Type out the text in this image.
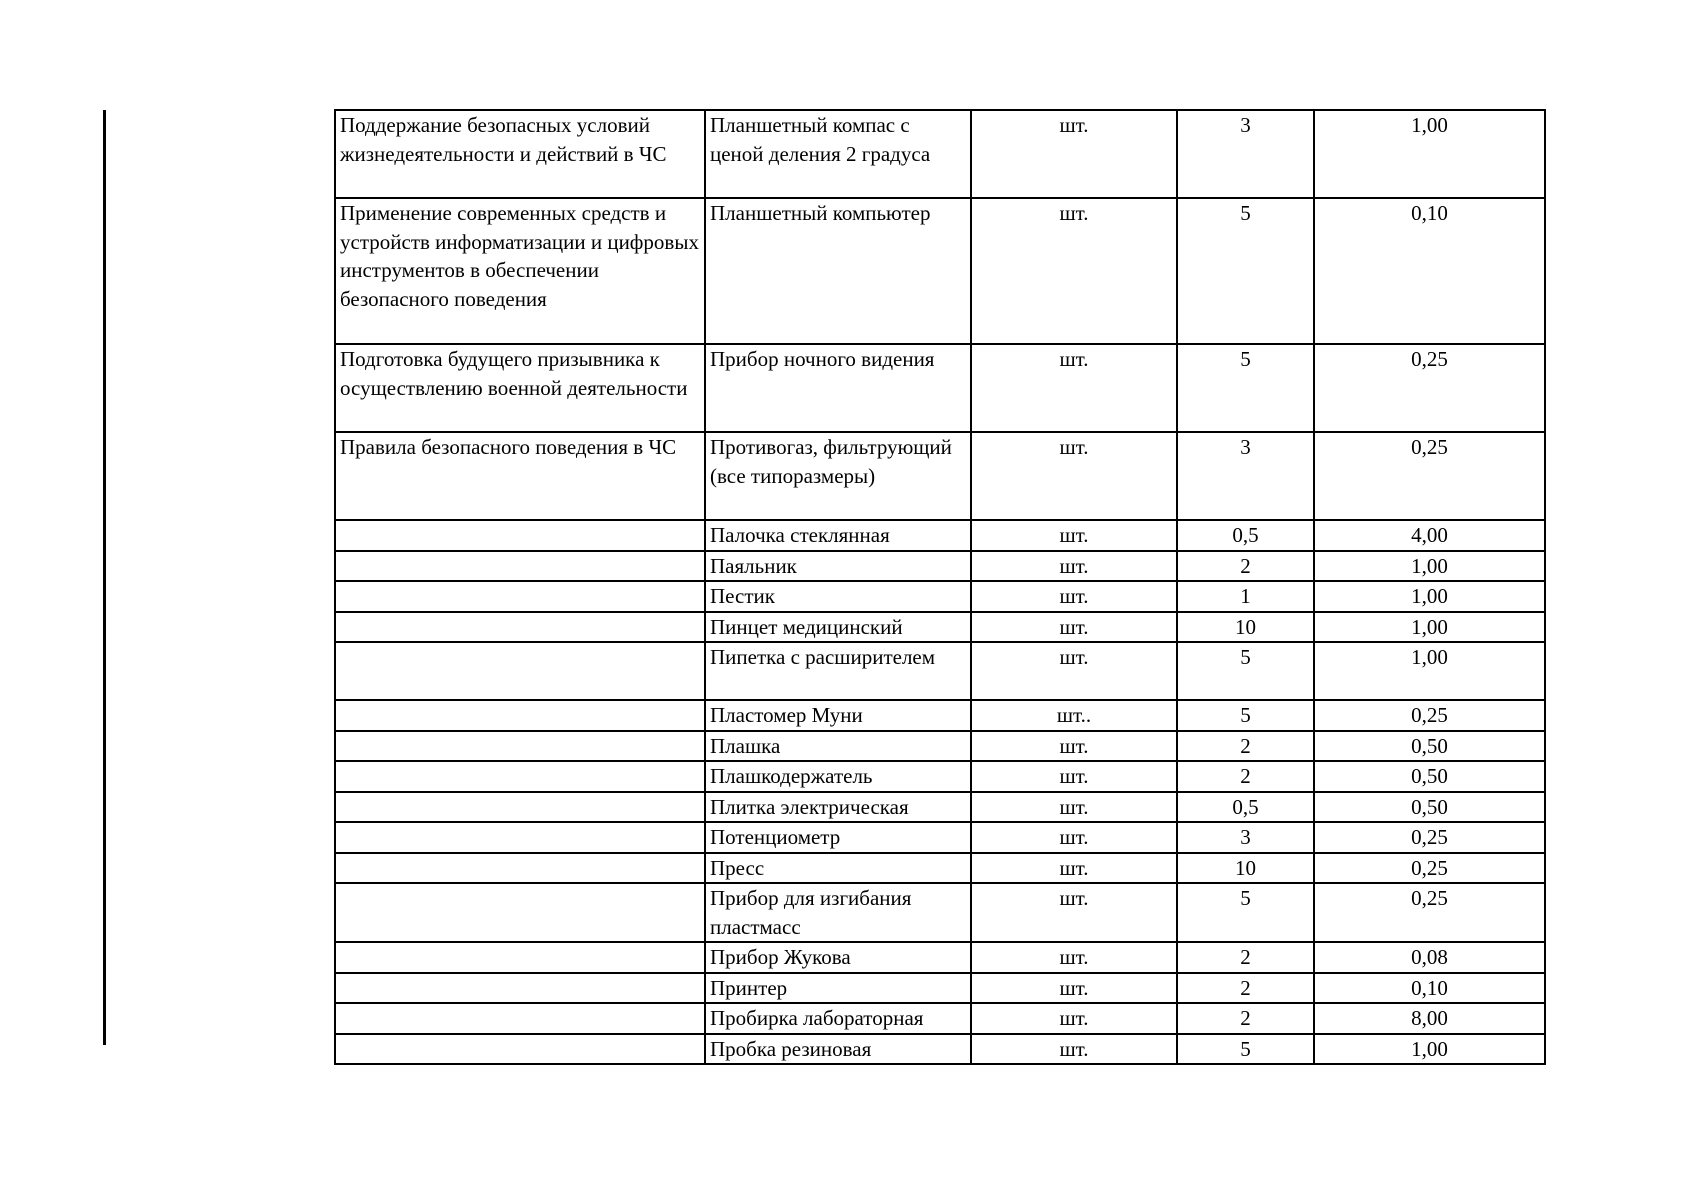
Поддержание безопасных условий жизнедеятельности и действий в ЧС	Планшетный компас с ценой деления 2 градуса	шт.	3	1,00
Применение современных средств и устройств информатизации и цифровых инструментов в обеспечении безопасного поведения	Планшетный компьютер	шт.	5	0,10
Подготовка будущего призывника к осуществлению военной деятельности	Прибор ночного видения	шт.	5	0,25
Правила безопасного поведения в ЧС	Противогаз, фильтрующий (все типоразмеры)	шт.	3	0,25
	Палочка стеклянная	шт.	0,5	4,00
	Паяльник	шт.	2	1,00
	Пестик	шт.	1	1,00
	Пинцет медицинский	шт.	10	1,00
	Пипетка с расширителем	шт.	5	1,00
	Пластомер Муни	шт..	5	0,25
	Плашка	шт.	2	0,50
	Плашкодержатель	шт.	2	0,50
	Плитка электрическая	шт.	0,5	0,50
	Потенциометр	шт.	3	0,25
	Пресс	шт.	10	0,25
	Прибор для изгибания пластмасс	шт.	5	0,25
	Прибор Жукова	шт.	2	0,08
	Принтер	шт.	2	0,10
	Пробирка лабораторная	шт.	2	8,00
	Пробка резиновая	шт.	5	1,00
